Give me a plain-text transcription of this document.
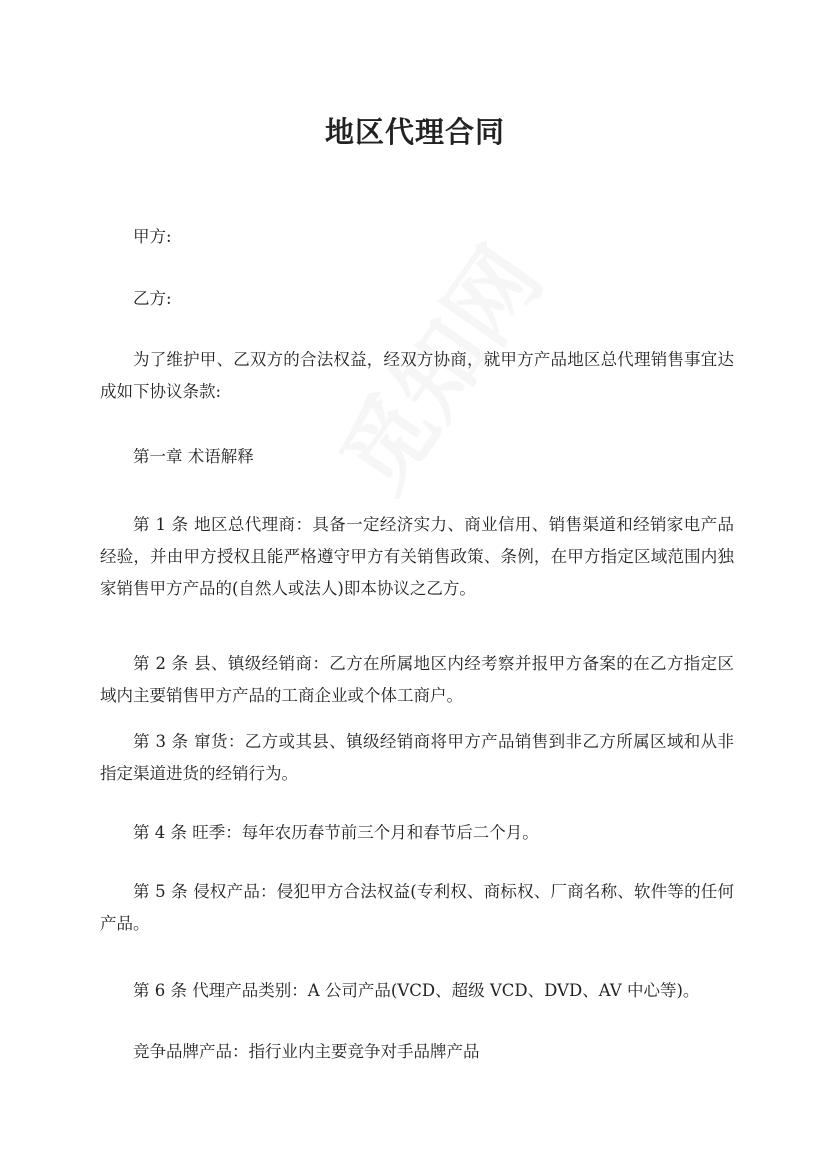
地区代理合同

甲方:

乙方:

为了维护甲、乙双方的合法权益，经双方协商，就甲方产品地区总代理销售事宜达成如下协议条款:

第一章 术语解释

第 1 条 地区总代理商：具备一定经济实力、商业信用、销售渠道和经销家电产品经验，并由甲方授权且能严格遵守甲方有关销售政策、条例，在甲方指定区域范围内独家销售甲方产品的(自然人或法人)即本协议之乙方。

第 2 条 县、镇级经销商：乙方在所属地区内经考察并报甲方备案的在乙方指定区域内主要销售甲方产品的工商企业或个体工商户。

第 3 条 窜货：乙方或其县、镇级经销商将甲方产品销售到非乙方所属区域和从非指定渠道进货的经销行为。

第 4 条 旺季：每年农历春节前三个月和春节后二个月。

第 5 条 侵权产品：侵犯甲方合法权益(专利权、商标权、厂商名称、软件等的任何产品。

第 6 条 代理产品类别：A 公司产品(VCD、超级 VCD、DVD、AV 中心等)。

竞争品牌产品：指行业内主要竞争对手品牌产品
